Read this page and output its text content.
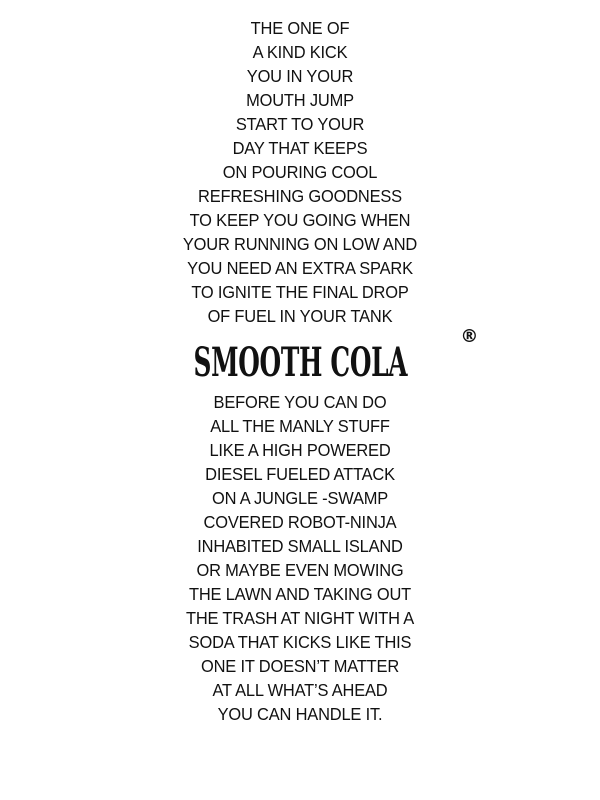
THE ONE OF
A KIND KICK
YOU IN YOUR
MOUTH JUMP
START TO YOUR
DAY THAT KEEPS
ON POURING COOL
REFRESHING GOODNESS
TO KEEP YOU GOING WHEN
YOUR RUNNING ON LOW AND
YOU NEED AN EXTRA SPARK
TO IGNITE THE FINAL DROP
OF FUEL IN YOUR TANK
SMOOTH COLA
®
BEFORE YOU CAN DO
ALL THE MANLY STUFF
LIKE A HIGH POWERED
DIESEL FUELED ATTACK
ON A JUNGLE -SWAMP
COVERED ROBOT-NINJA
INHABITED SMALL ISLAND
OR MAYBE EVEN MOWING
THE LAWN AND TAKING OUT
THE TRASH AT NIGHT WITH A
SODA THAT KICKS LIKE THIS
ONE IT DOESN’T MATTER
AT ALL WHAT’S AHEAD
YOU CAN HANDLE IT.
